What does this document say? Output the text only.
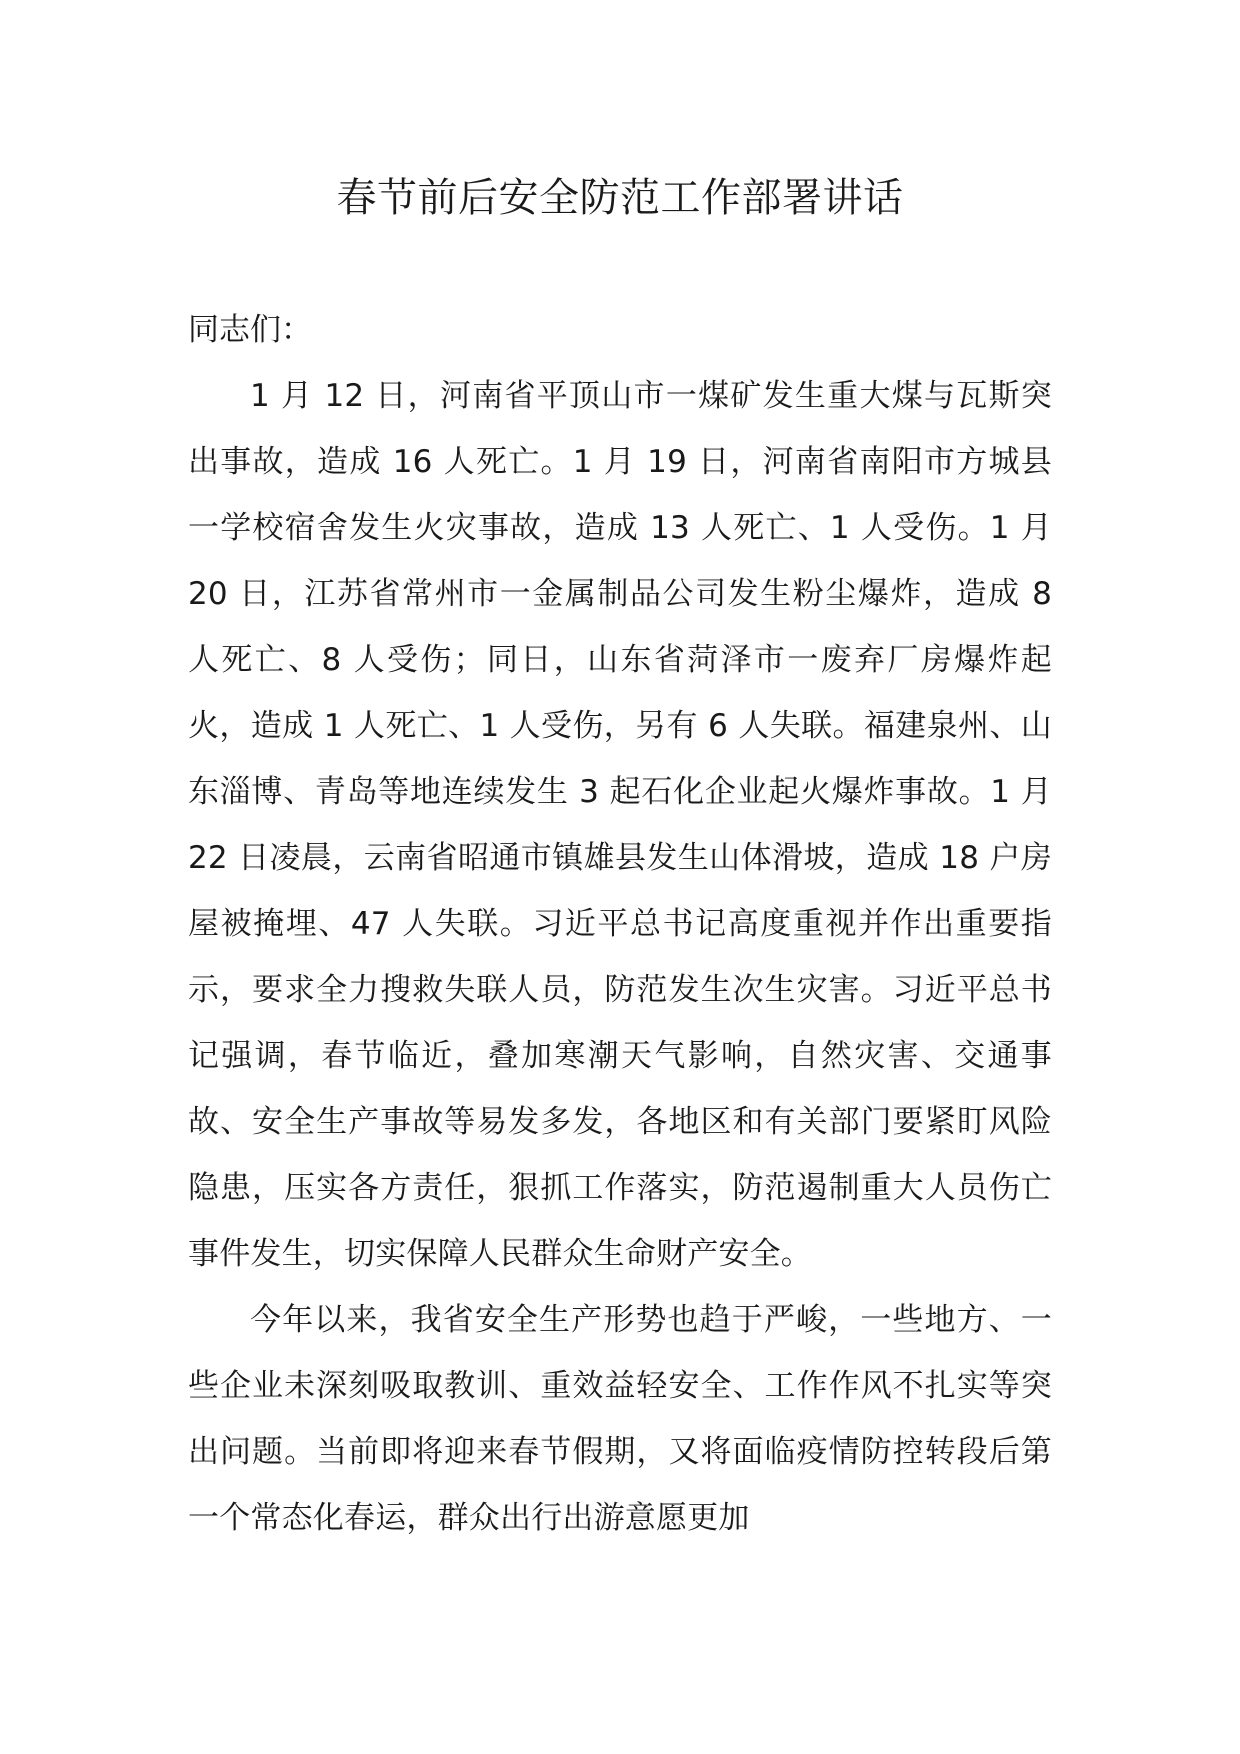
春节前后安全防范工作部署讲话

同志们：

1 月 12 日，河南省平顶山市一煤矿发生重大煤与瓦斯突出事故，造成 16 人死亡。1 月 19 日，河南省南阳市方城县一学校宿舍发生火灾事故，造成 13 人死亡、1 人受伤。1 月 20 日，江苏省常州市一金属制品公司发生粉尘爆炸，造成 8 人死亡、8 人受伤；同日，山东省菏泽市一废弃厂房爆炸起火，造成 1 人死亡、1 人受伤，另有 6 人失联。福建泉州、山东淄博、青岛等地连续发生 3 起石化企业起火爆炸事故。1 月 22 日凌晨，云南省昭通市镇雄县发生山体滑坡，造成 18 户房屋被掩埋、47 人失联。习近平总书记高度重视并作出重要指示，要求全力搜救失联人员，防范发生次生灾害。习近平总书记强调，春节临近，叠加寒潮天气影响，自然灾害、交通事故、安全生产事故等易发多发，各地区和有关部门要紧盯风险隐患，压实各方责任，狠抓工作落实，防范遏制重大人员伤亡事件发生，切实保障人民群众生命财产安全。

今年以来，我省安全生产形势也趋于严峻，一些地方、一些企业未深刻吸取教训、重效益轻安全、工作作风不扎实等突出问题。当前即将迎来春节假期，又将面临疫情防控转段后第一个常态化春运，群众出行出游意愿更加
